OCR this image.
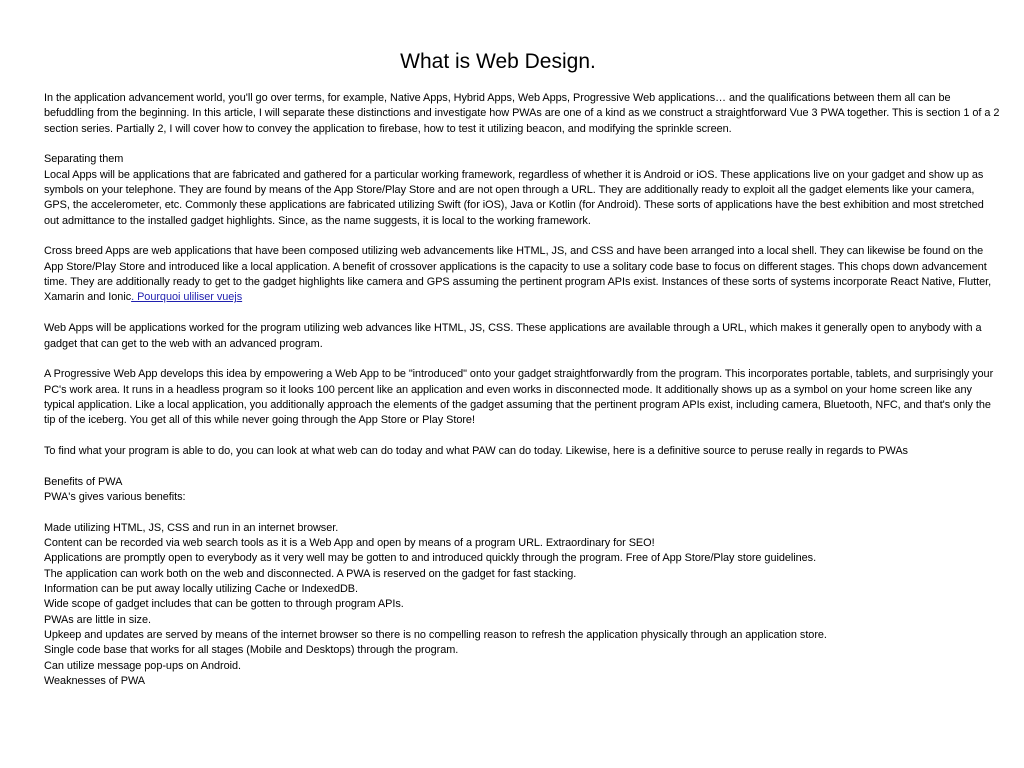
What is Web Design.

In the application advancement world, you'll go over terms, for example, Native Apps, Hybrid Apps, Web Apps, Progressive Web applications… and the qualifications between them all can be befuddling from the beginning. In this article, I will separate these distinctions and investigate how PWAs are one of a kind as we construct a straightforward Vue 3 PWA together. This is section 1 of a 2 section series. Partially 2, I will cover how to convey the application to firebase, how to test it utilizing beacon, and modifying the sprinkle screen.

Separating them

Local Apps will be applications that are fabricated and gathered for a particular working framework, regardless of whether it is Android or iOS. These applications live on your gadget and show up as symbols on your telephone. They are found by means of the App Store/Play Store and are not open through a URL. They are additionally ready to exploit all the gadget elements like your camera, GPS, the accelerometer, etc. Commonly these applications are fabricated utilizing Swift (for iOS), Java or Kotlin (for Android). These sorts of applications have the best exhibition and most stretched out admittance to the installed gadget highlights. Since, as the name suggests, it is local to the working framework.

Cross breed Apps are web applications that have been composed utilizing web advancements like HTML, JS, and CSS and have been arranged into a local shell. They can likewise be found on the App Store/Play Store and introduced like a local application. A benefit of crossover applications is the capacity to use a solitary code base to focus on different stages. This chops down advancement time. They are additionally ready to get to the gadget highlights like camera and GPS assuming the pertinent program APIs exist. Instances of these sorts of systems incorporate React Native, Flutter, Xamarin and Ionic. Pourquoi uliliser vuejs

Web Apps will be applications worked for the program utilizing web advances like HTML, JS, CSS. These applications are available through a URL, which makes it generally open to anybody with a gadget that can get to the web with an advanced program.

A Progressive Web App develops this idea by empowering a Web App to be "introduced" onto your gadget straightforwardly from the program. This incorporates portable, tablets, and surprisingly your PC's work area. It runs in a headless program so it looks 100 percent like an application and even works in disconnected mode. It additionally shows up as a symbol on your home screen like any typical application. Like a local application, you additionally approach the elements of the gadget assuming that the pertinent program APIs exist, including camera, Bluetooth, NFC, and that's only the tip of the iceberg. You get all of this while never going through the App Store or Play Store!

To find what your program is able to do, you can look at what web can do today and what PAW can do today. Likewise, here is a definitive source to peruse really in regards to PWAs

Benefits of PWA

PWA's gives various benefits:

Made utilizing HTML, JS, CSS and run in an internet browser.

Content can be recorded via web search tools as it is a Web App and open by means of a program URL. Extraordinary for SEO!

Applications are promptly open to everybody as it very well may be gotten to and introduced quickly through the program. Free of App Store/Play store guidelines.

The application can work both on the web and disconnected. A PWA is reserved on the gadget for fast stacking.

Information can be put away locally utilizing Cache or IndexedDB.

Wide scope of gadget includes that can be gotten to through program APIs.

PWAs are little in size.

Upkeep and updates are served by means of the internet browser so there is no compelling reason to refresh the application physically through an application store.

Single code base that works for all stages (Mobile and Desktops) through the program.

Can utilize message pop-ups on Android.

Weaknesses of PWA
